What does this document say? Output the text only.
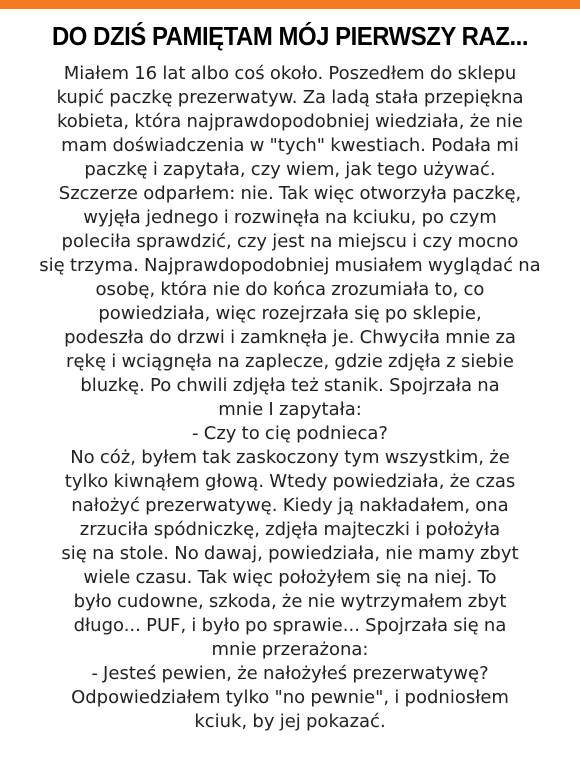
DO DZIŚ PAMIĘTAM MÓJ PIERWSZY RAZ...
Miałem 16 lat albo coś około. Poszedłem do sklepu
kupić paczkę prezerwatyw. Za ladą stała przepiękna
kobieta, która najprawdopodobniej wiedziała, że nie
mam doświadczenia w "tych" kwestiach. Podała mi
paczkę i zapytała, czy wiem, jak tego używać.
Szczerze odparłem: nie. Tak więc otworzyła paczkę,
wyjęła jednego i rozwinęła na kciuku, po czym
poleciła sprawdzić, czy jest na miejscu i czy mocno
się trzyma. Najprawdopodobniej musiałem wyglądać na
osobę, która nie do końca zrozumiała to, co
powiedziała, więc rozejrzała się po sklepie,
podeszła do drzwi i zamknęła je. Chwyciła mnie za
rękę i wciągnęła na zaplecze, gdzie zdjęła z siebie
bluzkę. Po chwili zdjęła też stanik. Spojrzała na
mnie I zapytała:
- Czy to cię podnieca?
No cóż, byłem tak zaskoczony tym wszystkim, że
tylko kiwnąłem głową. Wtedy powiedziała, że czas
nałożyć prezerwatywę. Kiedy ją nakładałem, ona
zrzuciła spódniczkę, zdjęła majteczki i położyła
się na stole. No dawaj, powiedziała, nie mamy zbyt
wiele czasu. Tak więc położyłem się na niej. To
było cudowne, szkoda, że nie wytrzymałem zbyt
długo... PUF, i było po sprawie... Spojrzała się na
mnie przerażona:
- Jesteś pewien, że nałożyłeś prezerwatywę?
Odpowiedziałem tylko "no pewnie", i podniosłem
kciuk, by jej pokazać.
